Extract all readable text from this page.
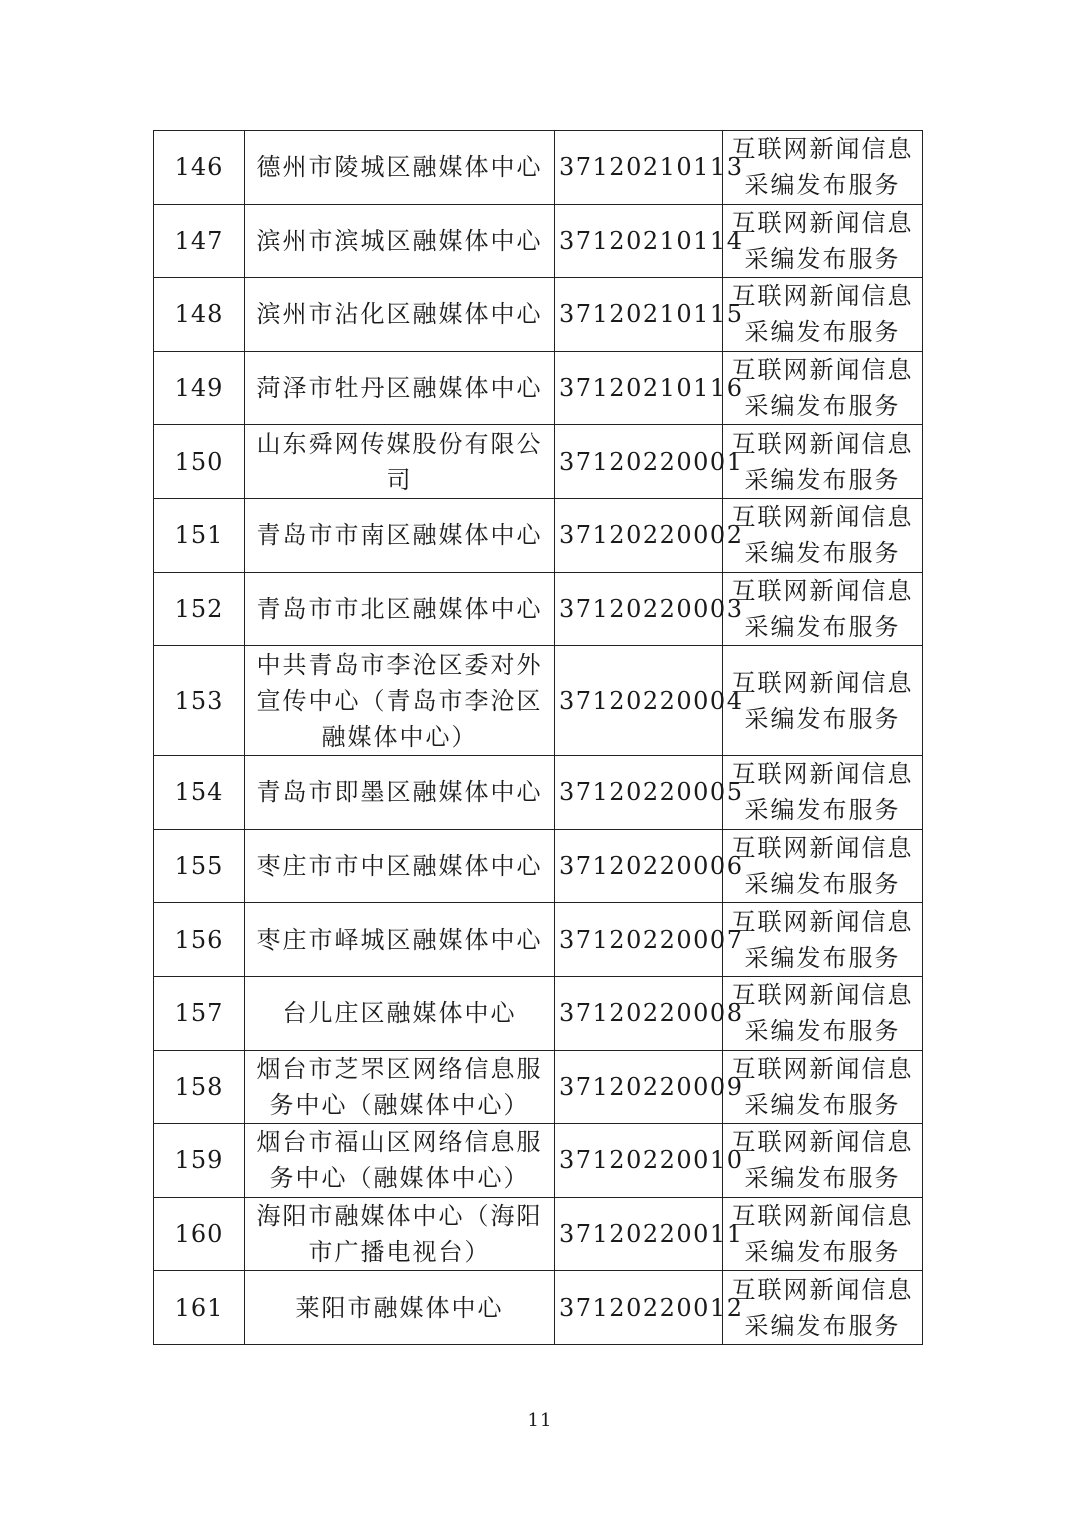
146	德州市陵城区融媒体中心	37120210113	互联网新闻信息采编发布服务
147	滨州市滨城区融媒体中心	37120210114	互联网新闻信息采编发布服务
148	滨州市沾化区融媒体中心	37120210115	互联网新闻信息采编发布服务
149	菏泽市牡丹区融媒体中心	37120210116	互联网新闻信息采编发布服务
150	山东舜网传媒股份有限公司	37120220001	互联网新闻信息采编发布服务
151	青岛市市南区融媒体中心	37120220002	互联网新闻信息采编发布服务
152	青岛市市北区融媒体中心	37120220003	互联网新闻信息采编发布服务
153	中共青岛市李沧区委对外宣传中心（青岛市李沧区融媒体中心）	37120220004	互联网新闻信息采编发布服务
154	青岛市即墨区融媒体中心	37120220005	互联网新闻信息采编发布服务
155	枣庄市市中区融媒体中心	37120220006	互联网新闻信息采编发布服务
156	枣庄市峄城区融媒体中心	37120220007	互联网新闻信息采编发布服务
157	台儿庄区融媒体中心	37120220008	互联网新闻信息采编发布服务
158	烟台市芝罘区网络信息服务中心（融媒体中心）	37120220009	互联网新闻信息采编发布服务
159	烟台市福山区网络信息服务中心（融媒体中心）	37120220010	互联网新闻信息采编发布服务
160	海阳市融媒体中心（海阳市广播电视台）	37120220011	互联网新闻信息采编发布服务
161	莱阳市融媒体中心	37120220012	互联网新闻信息采编发布服务
11
